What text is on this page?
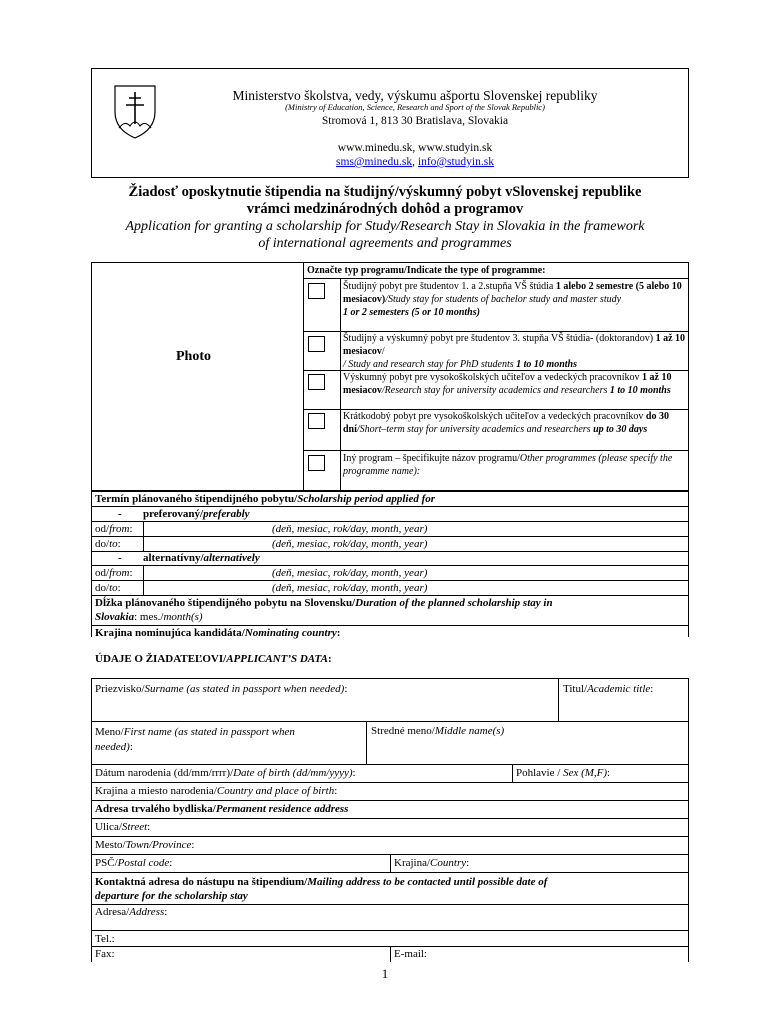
Ministerstvo školstva, vedy, výskumu ašportu Slovenskej republiky
(Ministry of Education, Science, Research and Sport of the Slovak Republic)
Stromová 1, 813 30 Bratislava, Slovakia
www.minedu.sk, www.studyin.sk
sms@minedu.sk, info@studyin.sk
Žiadosť oposkytnutie štipendia na študijný/výskumný pobyt vSlovenskej republike
vrámci medzinárodných dohôd a programov
Application for granting a scholarship for Study/Research Stay in Slovakia in the framework
of international agreements and programmes
Photo
Označte typ programu/Indicate the type of programme:
Študijný pobyt pre študentov 1. a 2.stupňa VŠ štúdia 1 alebo 2 semestre (5 alebo 10 mesiacov)/Study stay for students of bachelor study and master study
1 or 2 semesters (5 or 10 months)
Študijný a výskumný pobyt pre študentov 3. stupňa VŠ štúdia- (doktorandov) 1 až 10 mesiacov/
/ Study and research stay for PhD students 1 to 10 months
Výskumný pobyt pre vysokoškolských učiteľov a vedeckých pracovníkov 1 až 10 mesiacov/Research stay for university academics and researchers 1 to 10 months
Krátkodobý pobyt pre vysokoškolských učiteľov a vedeckých pracovníkov do 30 dní/Short–term stay for university academics and researchers up to 30 days
Iný program – špecifikujte názov programu/Other programmes (please specify the programme name):
Termín plánovaného štipendijného pobytu/Scholarship period applied for
- preferovaný/preferably
od/from:	(deň, mesiac, rok/day, month, year)
do/to:	(deň, mesiac, rok/day, month, year)
- alternatívny/alternatively
od/from:	(deň, mesiac, rok/day, month, year)
do/to:	(deň, mesiac, rok/day, month, year)
Dĺžka plánovaného štipendijného pobytu na Slovensku/Duration of the planned scholarship stay in
Slovakia: mes./month(s)
Krajina nominujúca kandidáta/Nominating country:
ÚDAJE O ŽIADATEĽOVI/APPLICANT’S DATA:
Priezvisko/Surname (as stated in passport when needed):	Titul/Academic title:
Meno/First name (as stated in passport when
needed):
Stredné meno/Middle name(s)
Dátum narodenia (dd/mm/rrrr)/Date of birth (dd/mm/yyyy):	Pohlavie / Sex (M,F):
Krajina a miesto narodenia/Country and place of birth:
Adresa trvalého bydliska/Permanent residence address
Ulica/Street:
Mesto/Town/Province:
PSČ/Postal code:	Krajina/Country:
Kontaktná adresa do nástupu na štipendium/Mailing address to be contacted until possible date of
departure for the scholarship stay
Adresa/Address:
Tel.:
Fax:	E-mail:
1
